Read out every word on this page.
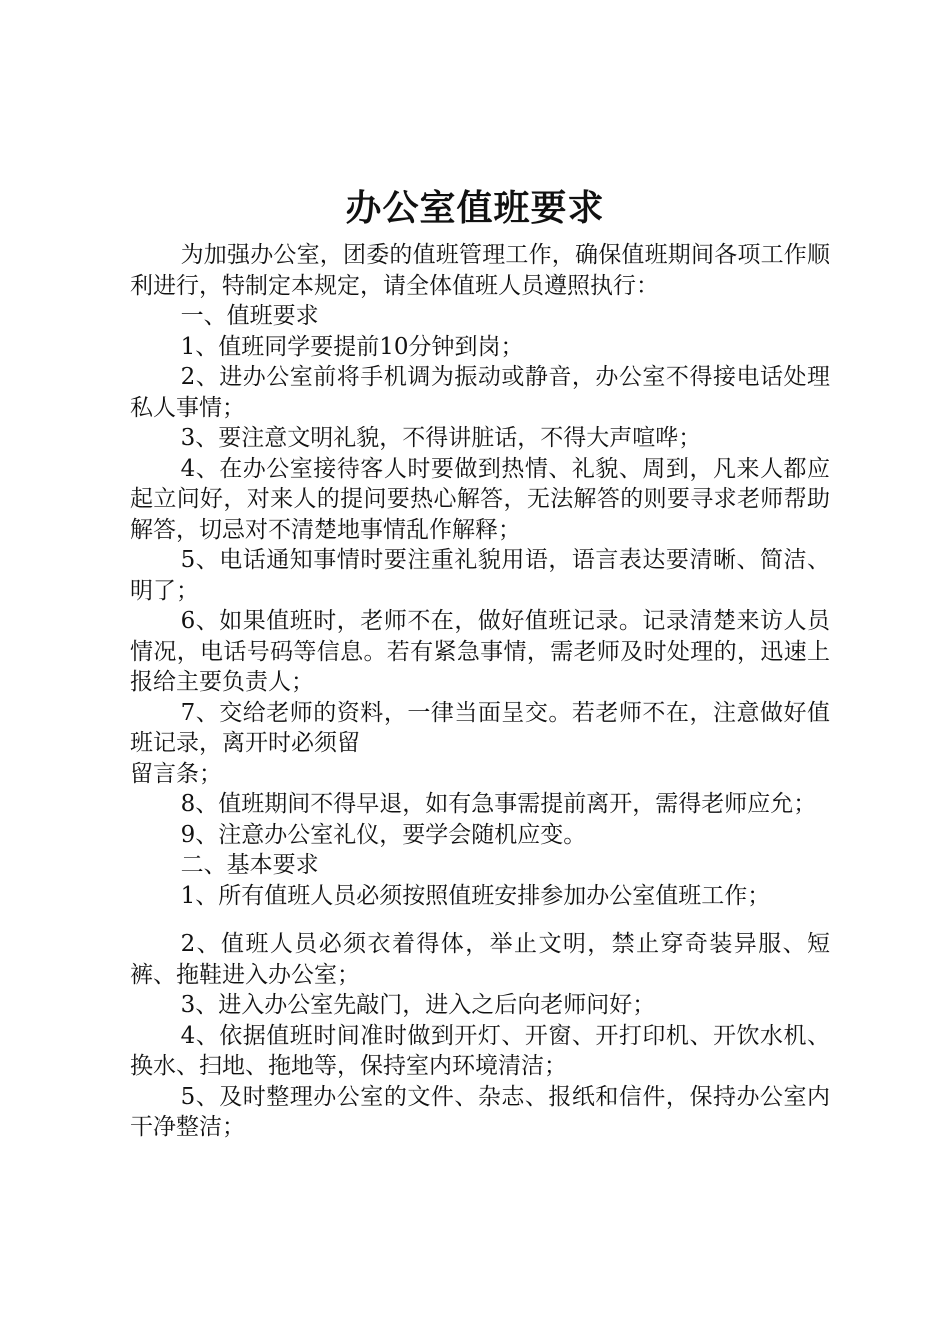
办公室值班要求

为加强办公室，团委的值班管理工作，确保值班期间各项工作顺利进行，特制定本规定，请全体值班人员遵照执行：

一、值班要求

1、值班同学要提前10分钟到岗；

2、进办公室前将手机调为振动或静音，办公室不得接电话处理私人事情；

3、要注意文明礼貌，不得讲脏话，不得大声喧哗；

4、在办公室接待客人时要做到热情、礼貌、周到，凡来人都应起立问好，对来人的提问要热心解答，无法解答的则要寻求老师帮助解答，切忌对不清楚地事情乱作解释；

5、电话通知事情时要注重礼貌用语，语言表达要清晰、简洁、明了；

6、如果值班时，老师不在，做好值班记录。记录清楚来访人员情况，电话号码等信息。若有紧急事情，需老师及时处理的，迅速上报给主要负责人；

7、交给老师的资料，一律当面呈交。若老师不在，注意做好值班记录，离开时必须留

留言条；

8、值班期间不得早退，如有急事需提前离开，需得老师应允；

9、注意办公室礼仪，要学会随机应变。

二、基本要求

1、所有值班人员必须按照值班安排参加办公室值班工作；

2、值班人员必须衣着得体，举止文明，禁止穿奇装异服、短裤、拖鞋进入办公室；

3、进入办公室先敲门，进入之后向老师问好；

4、依据值班时间准时做到开灯、开窗、开打印机、开饮水机、换水、扫地、拖地等，保持室内环境清洁；

5、及时整理办公室的文件、杂志、报纸和信件，保持办公室内干净整洁；
